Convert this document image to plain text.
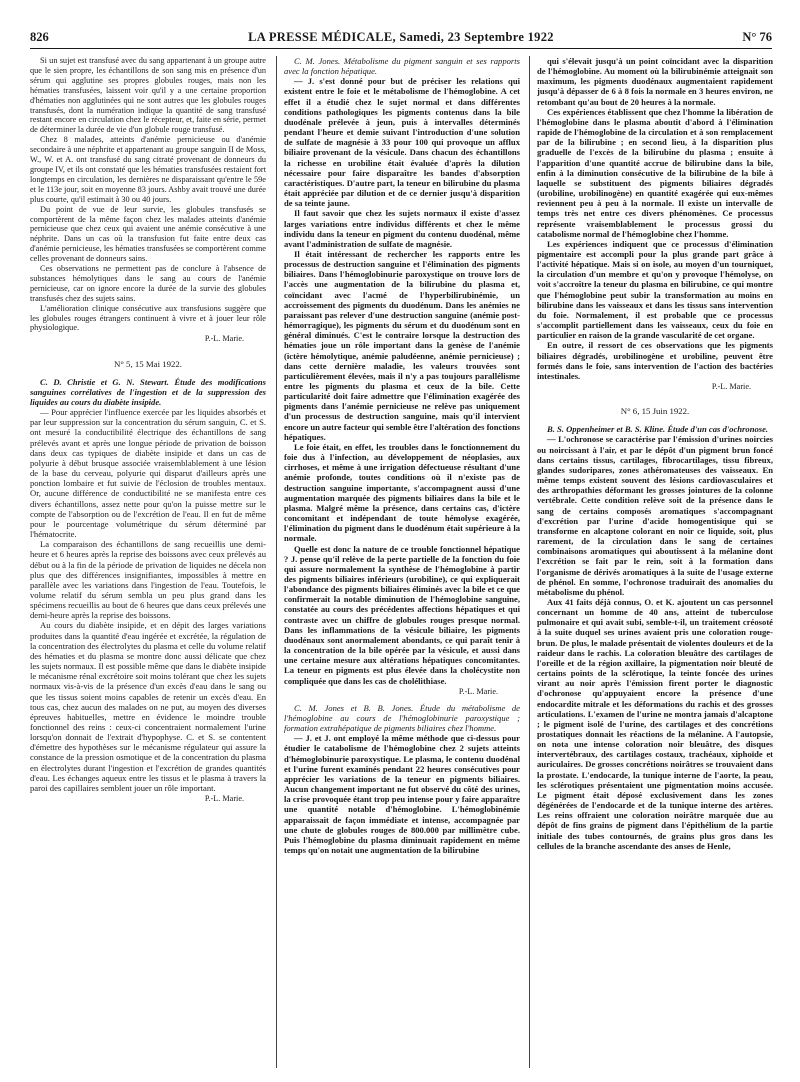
826	LA PRESSE MÉDICALE, Samedi, 23 Septembre 1922	N° 76

Si un sujet est transfusé avec du sang appartenant à un groupe autre que le sien propre, les échantillons de son sang mis en présence d'un sérum qui agglutine ses propres globules rouges, mais non les hématies transfusées, laissent voir qu'il y a une certaine proportion d'hématies non agglutinées qui ne sont autres que les globules rouges transfusés, dont la numération indique la quantité de sang transfusé restant encore en circulation chez le récepteur, et, faite en série, permet de déterminer la durée de vie d'un globule rouge transfusé.

Chez 8 malades, atteints d'anémie pernicieuse ou d'anémie secondaire à une néphrite et appartenant au groupe sanguin II de Moss, W., W. et A. ont transfusé du sang citraté provenant de donneurs du groupe IV, et ils ont constaté que les hématies transfusées restaient fort longtemps en circulation, les dernières ne disparaissant qu'entre le 59e et le 113e jour, soit en moyenne 83 jours. Ashby avait trouvé une durée plus courte, qu'il estimait à 30 ou 40 jours.

Du point de vue de leur survie, les globules transfusés se comportèrent de la même façon chez les malades atteints d'anémie pernicieuse que chez ceux qui avaient une anémie consécutive à une néphrite. Dans un cas où la transfusion fut faite entre deux cas d'anémie pernicieuse, les hématies transfusées se comportèrent comme celles provenant de donneurs sains.

Ces observations ne permettent pas de conclure à l'absence de substances hémolytiques dans le sang au cours de l'anémie pernicieuse, car on ignore encore la durée de la survie des globules transfusés chez des sujets sains.

L'amélioration clinique consécutive aux transfusions suggère que les globules rouges étrangers continuent à vivre et à jouer leur rôle physiologique.

P.-L. Marie.

N° 5, 15 Mai 1922.

C. D. Christie et G. N. Stewart. Étude des modifications sanguines corrélatives de l'ingestion et de la suppression des liquides au cours du diabète insipide.

— Pour apprécier l'influence exercée par les liquides absorbés et par leur suppression sur la concentration du sérum sanguin, C. et S. ont mesuré la conductibilité électrique des échantillons de sang prélevés avant et après une longue période de privation de boisson dans deux cas typiques de diabète insipide et dans un cas de polyurie à début brusque associée vraisemblablement à une lésion de la base du cerveau, polyurie qui disparut d'ailleurs après une ponction lombaire et fut suivie de l'éclosion de troubles mentaux. Or, aucune différence de conductibilité ne se manifesta entre ces divers échantillons, assez nette pour qu'on la puisse mettre sur le compte de l'absorption ou de l'excrétion de l'eau. Il en fut de même pour le pourcentage volumétrique du sérum déterminé par l'hématocrite.

La comparaison des échantillons de sang recueillis une demi-heure et 6 heures après la reprise des boissons avec ceux prélevés au début ou à la fin de la période de privation de liquides ne décela non plus que des différences insignifiantes, impossibles à mettre en parallèle avec les variations dans l'ingestion de l'eau. Toutefois, le volume relatif du sérum sembla un peu plus grand dans les spécimens recueillis au bout de 6 heures que dans ceux prélevés une demi-heure après la reprise des boissons.

Au cours du diabète insipide, et en dépit des larges variations produites dans la quantité d'eau ingérée et excrétée, la régulation de la concentration des électrolytes du plasma et celle du volume relatif des hématies et du plasma se montre donc aussi délicate que chez les sujets normaux. Il est possible même que dans le diabète insipide le mécanisme rénal excrétoire soit moins tolérant que chez les sujets normaux vis-à-vis de la présence d'un excès d'eau dans le sang ou que les tissus soient moins capables de retenir un excès d'eau. En tous cas, chez aucun des malades on ne put, au moyen des diverses épreuves habituelles, mettre en évidence le moindre trouble fonctionnel des reins : ceux-ci concentraient normalement l'urine lorsqu'on donnait de l'extrait d'hypophyse. C. et S. se contentent d'émettre des hypothèses sur le mécanisme régulateur qui assure la constance de la pression osmotique et de la concentration du plasma en électrolytes durant l'ingestion et l'excrétion de grandes quantités d'eau. Les échanges aqueux entre les tissus et le plasma à travers la paroi des capillaires semblent jouer un rôle important.

P.-L. Marie.

C. M. Jones. Métabolisme du pigment sanguin et ses rapports avec la fonction hépatique.

— J. s'est donné pour but de préciser les relations qui existent entre le foie et le métabolisme de l'hémoglobine. A cet effet il a étudié chez le sujet normal et dans différentes conditions pathologiques les pigments contenus dans la bile duodénale prélevée à jeun, puis à intervalles déterminés pendant l'heure et demie suivant l'introduction d'une solution de sulfate de magnésie à 33 pour 100 qui provoque un afflux biliaire provenant de la vésicule. Dans chacun des échantillons la richesse en urobiline était évaluée d'après la dilution nécessaire pour faire disparaître les bandes d'absorption caractéristiques. D'autre part, la teneur en bilirubine du plasma était appréciée par dilution et de ce dernier jusqu'à disparition de sa teinte jaune.

Il faut savoir que chez les sujets normaux il existe d'assez larges variations entre individus différents et chez le même individu dans la teneur en pigment du contenu duodénal, même avant l'administration de sulfate de magnésie.

Il était intéressant de rechercher les rapports entre les processus de destruction sanguine et l'élimination des pigments biliaires. Dans l'hémoglobinurie paroxystique on trouve lors de l'accès une augmentation de la bilirubine du plasma et, coïncidant avec l'acmé de l'hyperbilirubinémie, un accroissement des pigments du duodénum. Dans les anémies ne paraissant pas relever d'une destruction sanguine (anémie post-hémorragique), les pigments du sérum et du duodénum sont en général diminués. C'est le contraire lorsque la destruction des hématies joue un rôle important dans la genèse de l'anémie (ictère hémolytique, anémie paludéenne, anémie pernicieuse) ; dans cette dernière maladie, les valeurs trouvées sont particulièrement élevées, mais il n'y a pas toujours parallélisme entre les pigments du plasma et ceux de la bile. Cette particularité doit faire admettre que l'élimination exagérée des pigments dans l'anémie pernicieuse ne relève pas uniquement d'un processus de destruction sanguine, mais qu'il intervient encore un autre facteur qui semble être l'altération des fonctions hépatiques.

Le foie était, en effet, les troubles dans le fonctionnement du foie dus à l'infection, au développement de néoplasies, aux cirrhoses, et même à une irrigation défectueuse résultant d'une anémie profonde, toutes conditions où il n'existe pas de destruction sanguine importante, s'accompagnent aussi d'une augmentation marquée des pigments biliaires dans la bile et le plasma. Malgré même la présence, dans certains cas, d'ictère concomitant et indépendant de toute hémolyse exagérée, l'élimination du pigment dans le duodénum était supérieure à la normale.

Quelle est donc la nature de ce trouble fonctionnel hépatique ? J. pense qu'il relève de la perte partielle de la fonction du foie qui assure normalement la synthèse de l'hémoglobine à partir des pigments biliaires inférieurs (urobiline), ce qui expliquerait l'abondance des pigments biliaires éliminés avec la bile et ce que confirmerait la notable diminution de l'hémoglobine sanguine, constatée au cours des précédentes affections hépatiques et qui contraste avec un chiffre de globules rouges presque normal. Dans les inflammations de la vésicule biliaire, les pigments duodénaux sont anormalement abondants, ce qui paraît tenir à la concentration de la bile opérée par la vésicule, et aussi dans une certaine mesure aux altérations hépatiques concomitantes. La teneur en pigments est plus élevée dans la cholécystite non compliquée que dans les cas de cholélithiase.

P.-L. Marie.

C. M. Jones et B. B. Jones. Étude du métabolisme de l'hémoglobine au cours de l'hémoglobinurie paroxystique ; formation extrahépatique de pigments biliaires chez l'homme.

— J. et J. ont employé la même méthode que ci-dessus pour étudier le catabolisme de l'hémoglobine chez 2 sujets atteints d'hémoglobinurie paroxystique. Le plasma, le contenu duodénal et l'urine furent examinés pendant 22 heures consécutives pour apprécier les variations de la teneur en pigments biliaires. Aucun changement important ne fut observé du côté des urines, la crise provoquée étant trop peu intense pour y faire apparaître une quantité notable d'hémoglobine. L'hémoglobinémie apparaissait de façon immédiate et intense, accompagnée par une chute de globules rouges de 800.000 par millimètre cube. Puis l'hémoglobine du plasma diminuait rapidement en même temps qu'on notait une augmentation de la bilirubine

qui s'élevait jusqu'à un point coïncidant avec la disparition de l'hémoglobine. Au moment où la bilirubinémie atteignait son maximum, les pigments duodénaux augmentaient rapidement jusqu'à dépasser de 6 à 8 fois la normale en 3 heures environ, ne retombant qu'au bout de 20 heures à la normale.

Ces expériences établissent que chez l'homme la libération de l'hémoglobine dans le plasma aboutit d'abord à l'élimination rapide de l'hémoglobine de la circulation et à son remplacement par de la bilirubine ; en second lieu, à la disparition plus graduelle de l'excès de la bilirubine du plasma ; ensuite à l'apparition d'une quantité accrue de bilirubine dans la bile, enfin à la diminution consécutive de la bilirubine de la bile à laquelle se substituent des pigments biliaires dégradés (urobiline, urobilinogène) en quantité exagérée qui eux-mêmes reviennent peu à peu à la normale. Il existe un intervalle de temps très net entre ces divers phénomènes. Ce processus représente vraisemblablement le processus grossi du catabolisme normal de l'hémoglobine chez l'homme.

Les expériences indiquent que ce processus d'élimination pigmentaire est accompli pour la plus grande part grâce à l'activité hépatique. Mais si on isole, au moyen d'un tourniquet, la circulation d'un membre et qu'on y provoque l'hémolyse, on voit s'accroître la teneur du plasma en bilirubine, ce qui montre que l'hémoglobine peut subir la transformation au moins en bilirubine dans les vaisseaux et dans les tissus sans intervention du foie. Normalement, il est probable que ce processus s'accomplit partiellement dans les vaisseaux, ceux du foie en particulier en raison de la grande vascularité de cet organe.

En outre, il ressort de ces observations que les pigments biliaires dégradés, urobilinogène et urobiline, peuvent être formés dans le foie, sans intervention de l'action des bactéries intestinales.

P.-L. Marie.

N° 6, 15 Juin 1922.

B. S. Oppenheimer et B. S. Kline. Étude d'un cas d'ochronose.

— L'ochronose se caractérise par l'émission d'urines noircies ou noircissant à l'air, et par le dépôt d'un pigment brun foncé dans certains tissus, cartilages, fibrocartilages, tissu fibreux, glandes sudoripares, zones athéromateuses des vaisseaux. En même temps existent souvent des lésions cardiovasculaires et des arthropathies déformant les grosses jointures de la colonne vertébrale. Cette condition relève soit de la présence dans le sang de certains composés aromatiques s'accompagnant d'excrétion par l'urine d'acide homogentisique qui se transforme en alcaptone colorant en noir ce liquide, soit, plus rarement, de la circulation dans le sang de certaines combinaisons aromatiques qui aboutissent à la mélanine dont l'excrétion se fait par le rein, soit à la formation dans l'organisme de dérivés aromatiques à la suite de l'usage externe de phénol. En somme, l'ochronose traduirait des anomalies du métabolisme du phénol.

Aux 41 faits déjà connus, O. et K. ajoutent un cas personnel concernant un homme de 40 ans, atteint de tuberculose pulmonaire et qui avait subi, semble-t-il, un traitement créosoté à la suite duquel ses urines avaient pris une coloration rouge-brun. De plus, le malade présentait de violentes douleurs et de la raideur dans le rachis. La coloration bleuâtre des cartilages de l'oreille et de la région axillaire, la pigmentation noir bleuté de certains points de la sclérotique, la teinte foncée des urines virant au noir après l'émission firent porter le diagnostic d'ochronose qu'appuyaient encore la présence d'une endocardite mitrale et les déformations du rachis et des grosses articulations. L'examen de l'urine ne montra jamais d'alcaptone ; le pigment isolé de l'urine, des cartilages et des concrétions prostatiques donnait les réactions de la mélanine. A l'autopsie, on nota une intense coloration noir bleuâtre, des disques intervertébraux, des cartilages costaux, trachéaux, xiphoïde et auriculaires. De grosses concrétions noirâtres se trouvaient dans la prostate. L'endocarde, la tunique interne de l'aorte, la peau, les sclérotiques présentaient une pigmentation moins accusée. Le pigment était déposé exclusivement dans les zones dégénérées de l'endocarde et de la tunique interne des artères. Les reins offraient une coloration noirâtre marquée due au dépôt de fins grains de pigment dans l'épithélium de la partie initiale des tubes contournés, de grains plus gros dans les cellules de la branche ascendante des anses de Henle,
